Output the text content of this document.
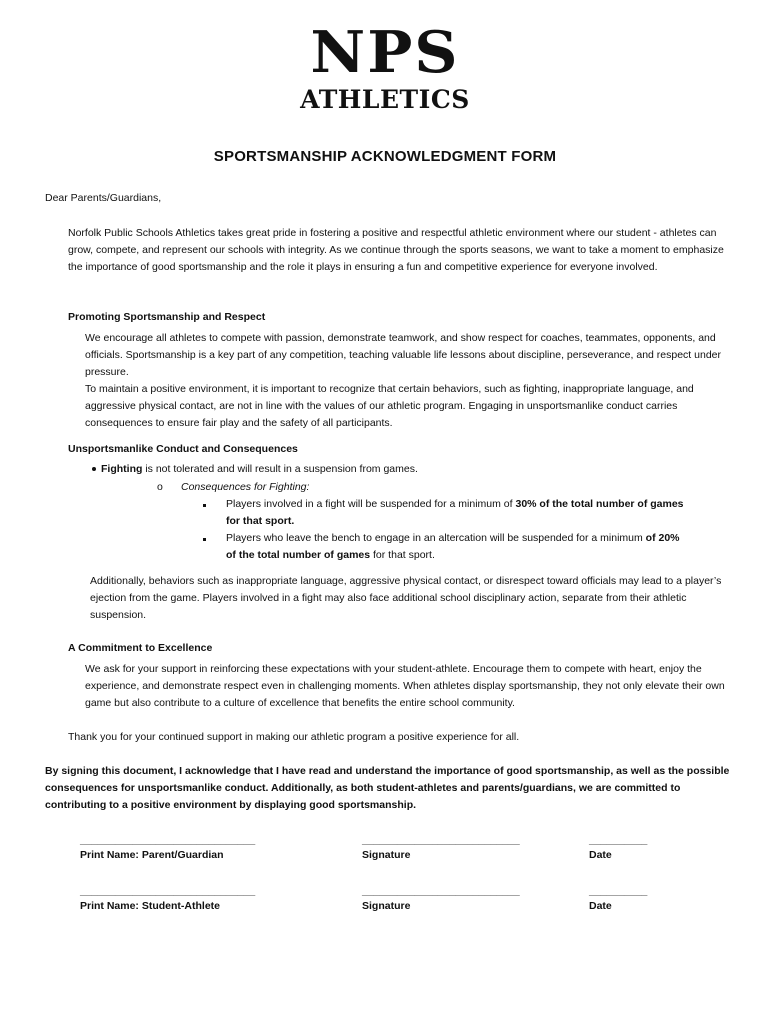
NPS
ATHLETICS
SPORTSMANSHIP ACKNOWLEDGMENT FORM
Dear Parents/Guardians,
Norfolk Public Schools Athletics takes great pride in fostering a positive and respectful athletic environment where our student - athletes can grow, compete, and represent our schools with integrity. As we continue through the sports seasons, we want to take a moment to emphasize the importance of good sportsmanship and the role it plays in ensuring a fun and competitive experience for everyone involved.
Promoting Sportsmanship and Respect
We encourage all athletes to compete with passion, demonstrate teamwork, and show respect for coaches, teammates, opponents, and officials. Sportsmanship is a key part of any competition, teaching valuable life lessons about discipline, perseverance, and respect under pressure.
To maintain a positive environment, it is important to recognize that certain behaviors, such as fighting, inappropriate language, and aggressive physical contact, are not in line with the values of our athletic program. Engaging in unsportsmanlike conduct carries consequences to ensure fair play and the safety of all participants.
Unsportsmanlike Conduct and Consequences
Fighting is not tolerated and will result in a suspension from games.
o Consequences for Fighting:
Players involved in a fight will be suspended for a minimum of 30% of the total number of games
for that sport.
Players who leave the bench to engage in an altercation will be suspended for a minimum of 20%
of the total number of games for that sport.
Additionally, behaviors such as inappropriate language, aggressive physical contact, or disrespect toward officials may lead to a player’s ejection from the game. Players involved in a fight may also face additional school disciplinary action, separate from their athletic suspension.
A Commitment to Excellence
We ask for your support in reinforcing these expectations with your student-athlete. Encourage them to compete with heart, enjoy the experience, and demonstrate respect even in challenging moments. When athletes display sportsmanship, they not only elevate their own game but also contribute to a culture of excellence that benefits the entire school community.
Thank you for your continued support in making our athletic program a positive experience for all.
By signing this document, I acknowledge that I have read and understand the importance of good sportsmanship, as well as the possible consequences for unsportsmanlike conduct. Additionally, as both student-athletes and parents/guardians, we are committed to contributing to a positive environment by displaying good sportsmanship.
______________________________	___________________________	__________
Print Name: Parent/Guardian	Signature	Date
______________________________	___________________________	__________
Print Name: Student-Athlete	Signature	Date
